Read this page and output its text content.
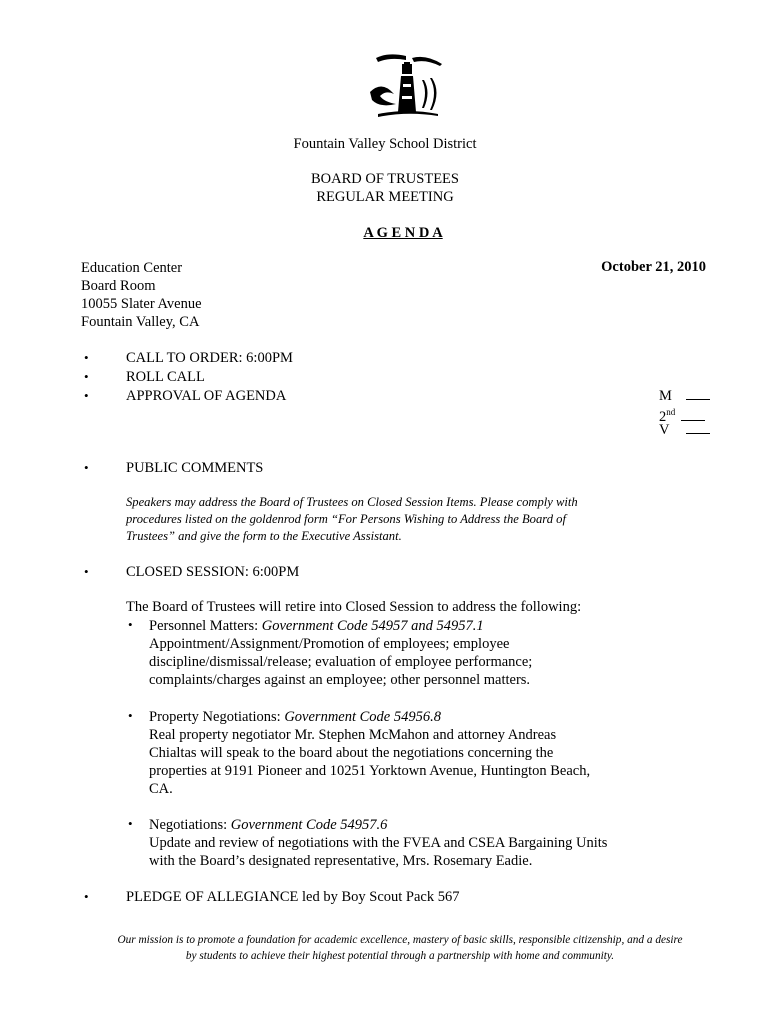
Fountain Valley School District
BOARD OF TRUSTEES
REGULAR MEETING
A G E N D A
Education Center
Board Room
10055 Slater Avenue
Fountain Valley, CA
October 21, 2010
•	CALL TO ORDER: 6:00PM
•	ROLL CALL
•	APPROVAL OF AGENDA	M
2nd
V
•	PUBLIC COMMENTS
Speakers may address the Board of Trustees on Closed Session Items. Please comply with
procedures listed on the goldenrod form “For Persons Wishing to Address the Board of
Trustees” and give the form to the Executive Assistant.
•	CLOSED SESSION: 6:00PM
The Board of Trustees will retire into Closed Session to address the following:
• Personnel Matters: Government Code 54957 and 54957.1
Appointment/Assignment/Promotion of employees; employee
discipline/dismissal/release; evaluation of employee performance;
complaints/charges against an employee; other personnel matters.
• Property Negotiations: Government Code 54956.8
Real property negotiator Mr. Stephen McMahon and attorney Andreas
Chialtas will speak to the board about the negotiations concerning the
properties at 9191 Pioneer and 10251 Yorktown Avenue, Huntington Beach,
CA.
• Negotiations: Government Code 54957.6
Update and review of negotiations with the FVEA and CSEA Bargaining Units
with the Board’s designated representative, Mrs. Rosemary Eadie.
•	PLEDGE OF ALLEGIANCE led by Boy Scout Pack 567
Our mission is to promote a foundation for academic excellence, mastery of basic skills, responsible citizenship, and a desire
by students to achieve their highest potential through a partnership with home and community.
